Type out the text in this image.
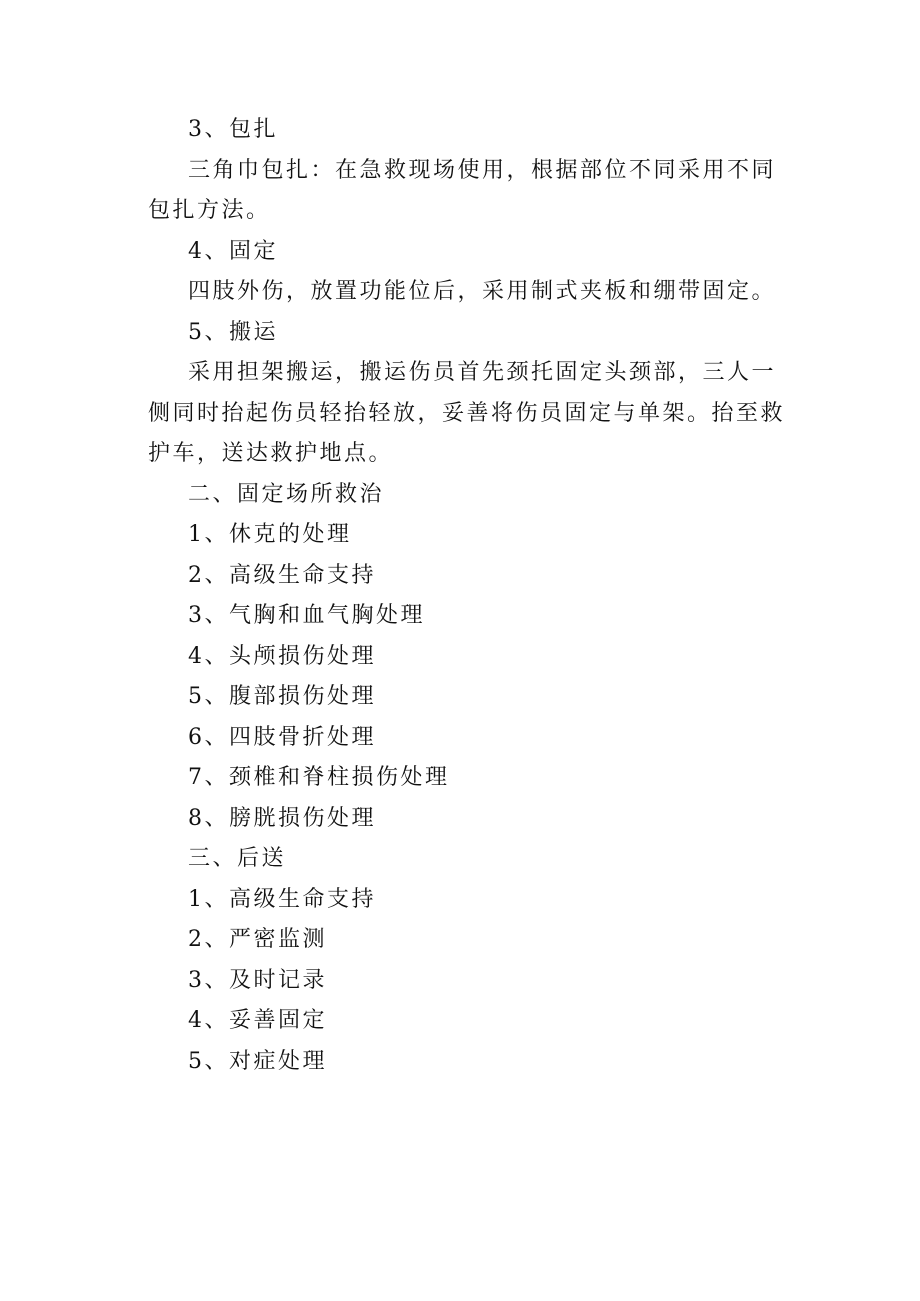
3、包扎
三角巾包扎：在急救现场使用，根据部位不同采用不同包扎方法。
4、固定
四肢外伤，放置功能位后，采用制式夹板和绷带固定。
5、搬运
采用担架搬运，搬运伤员首先颈托固定头颈部，三人一侧同时抬起伤员轻抬轻放，妥善将伤员固定与单架。抬至救护车，送达救护地点。
二、固定场所救治
1、休克的处理
2、高级生命支持
3、气胸和血气胸处理
4、头颅损伤处理
5、腹部损伤处理
6、四肢骨折处理
7、颈椎和脊柱损伤处理
8、膀胱损伤处理
三、后送
1、高级生命支持
2、严密监测
3、及时记录
4、妥善固定
5、对症处理
